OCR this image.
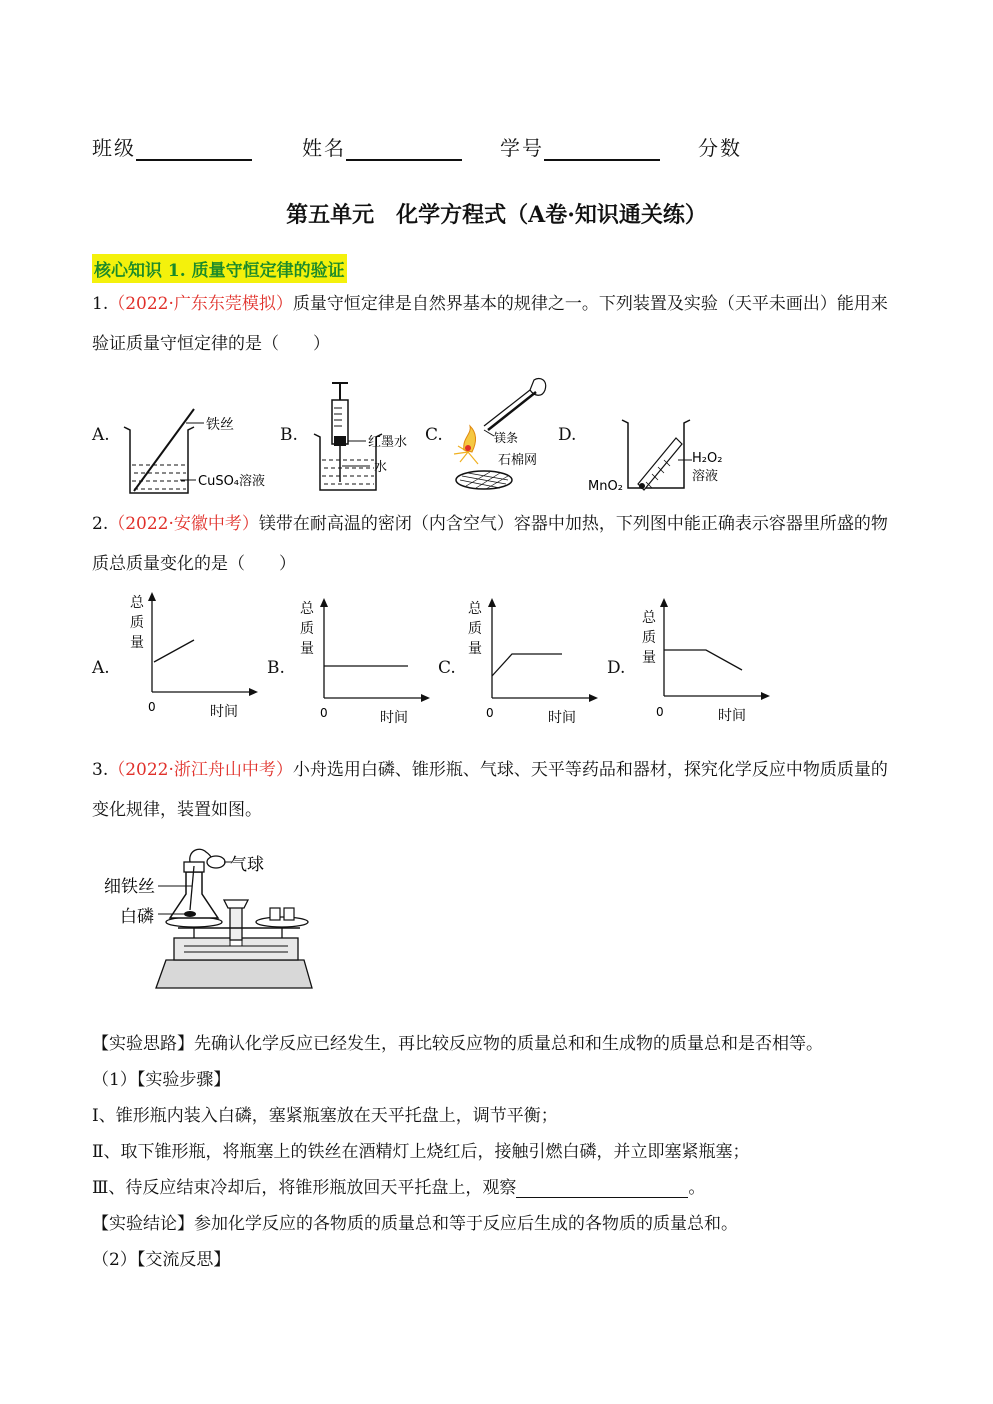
班级	姓名	学号	分数
第五单元　化学方程式（A卷·知识通关练）
核心知识 1. 质量守恒定律的验证
1.（2022·广东东莞模拟）质量守恒定律是自然界基本的规律之一。下列装置及实验（天平未画出）能用来
验证质量守恒定律的是（　　）
A.	B.	C.	D.
铁丝
CuSO₄溶液
红墨水
水
镁条
石棉网	H₂O₂
溶液
MnO₂
2.（2022·安徽中考）镁带在耐高温的密闭（内含空气）容器中加热，下列图中能正确表示容器里所盛的物
质总质量变化的是（　　）
A.	B.	C.	D.
总
质
量
0	时间
总
质
量
0	时间
总
质
量
0	时间
总
质
量
0	时间
3.（2022·浙江舟山中考）小舟选用白磷、锥形瓶、气球、天平等药品和器材，探究化学反应中物质质量的
变化规律，装置如图。
气球
细铁丝
白磷
【实验思路】先确认化学反应已经发生，再比较反应物的质量总和和生成物的质量总和是否相等。
（1）【实验步骤】
Ⅰ、锥形瓶内装入白磷，塞紧瓶塞放在天平托盘上，调节平衡；
Ⅱ、取下锥形瓶，将瓶塞上的铁丝在酒精灯上烧红后，接触引燃白磷，并立即塞紧瓶塞；
Ⅲ、待反应结束冷却后，将锥形瓶放回天平托盘上，观察	。
【实验结论】参加化学反应的各物质的质量总和等于反应后生成的各物质的质量总和。
（2）【交流反思】
